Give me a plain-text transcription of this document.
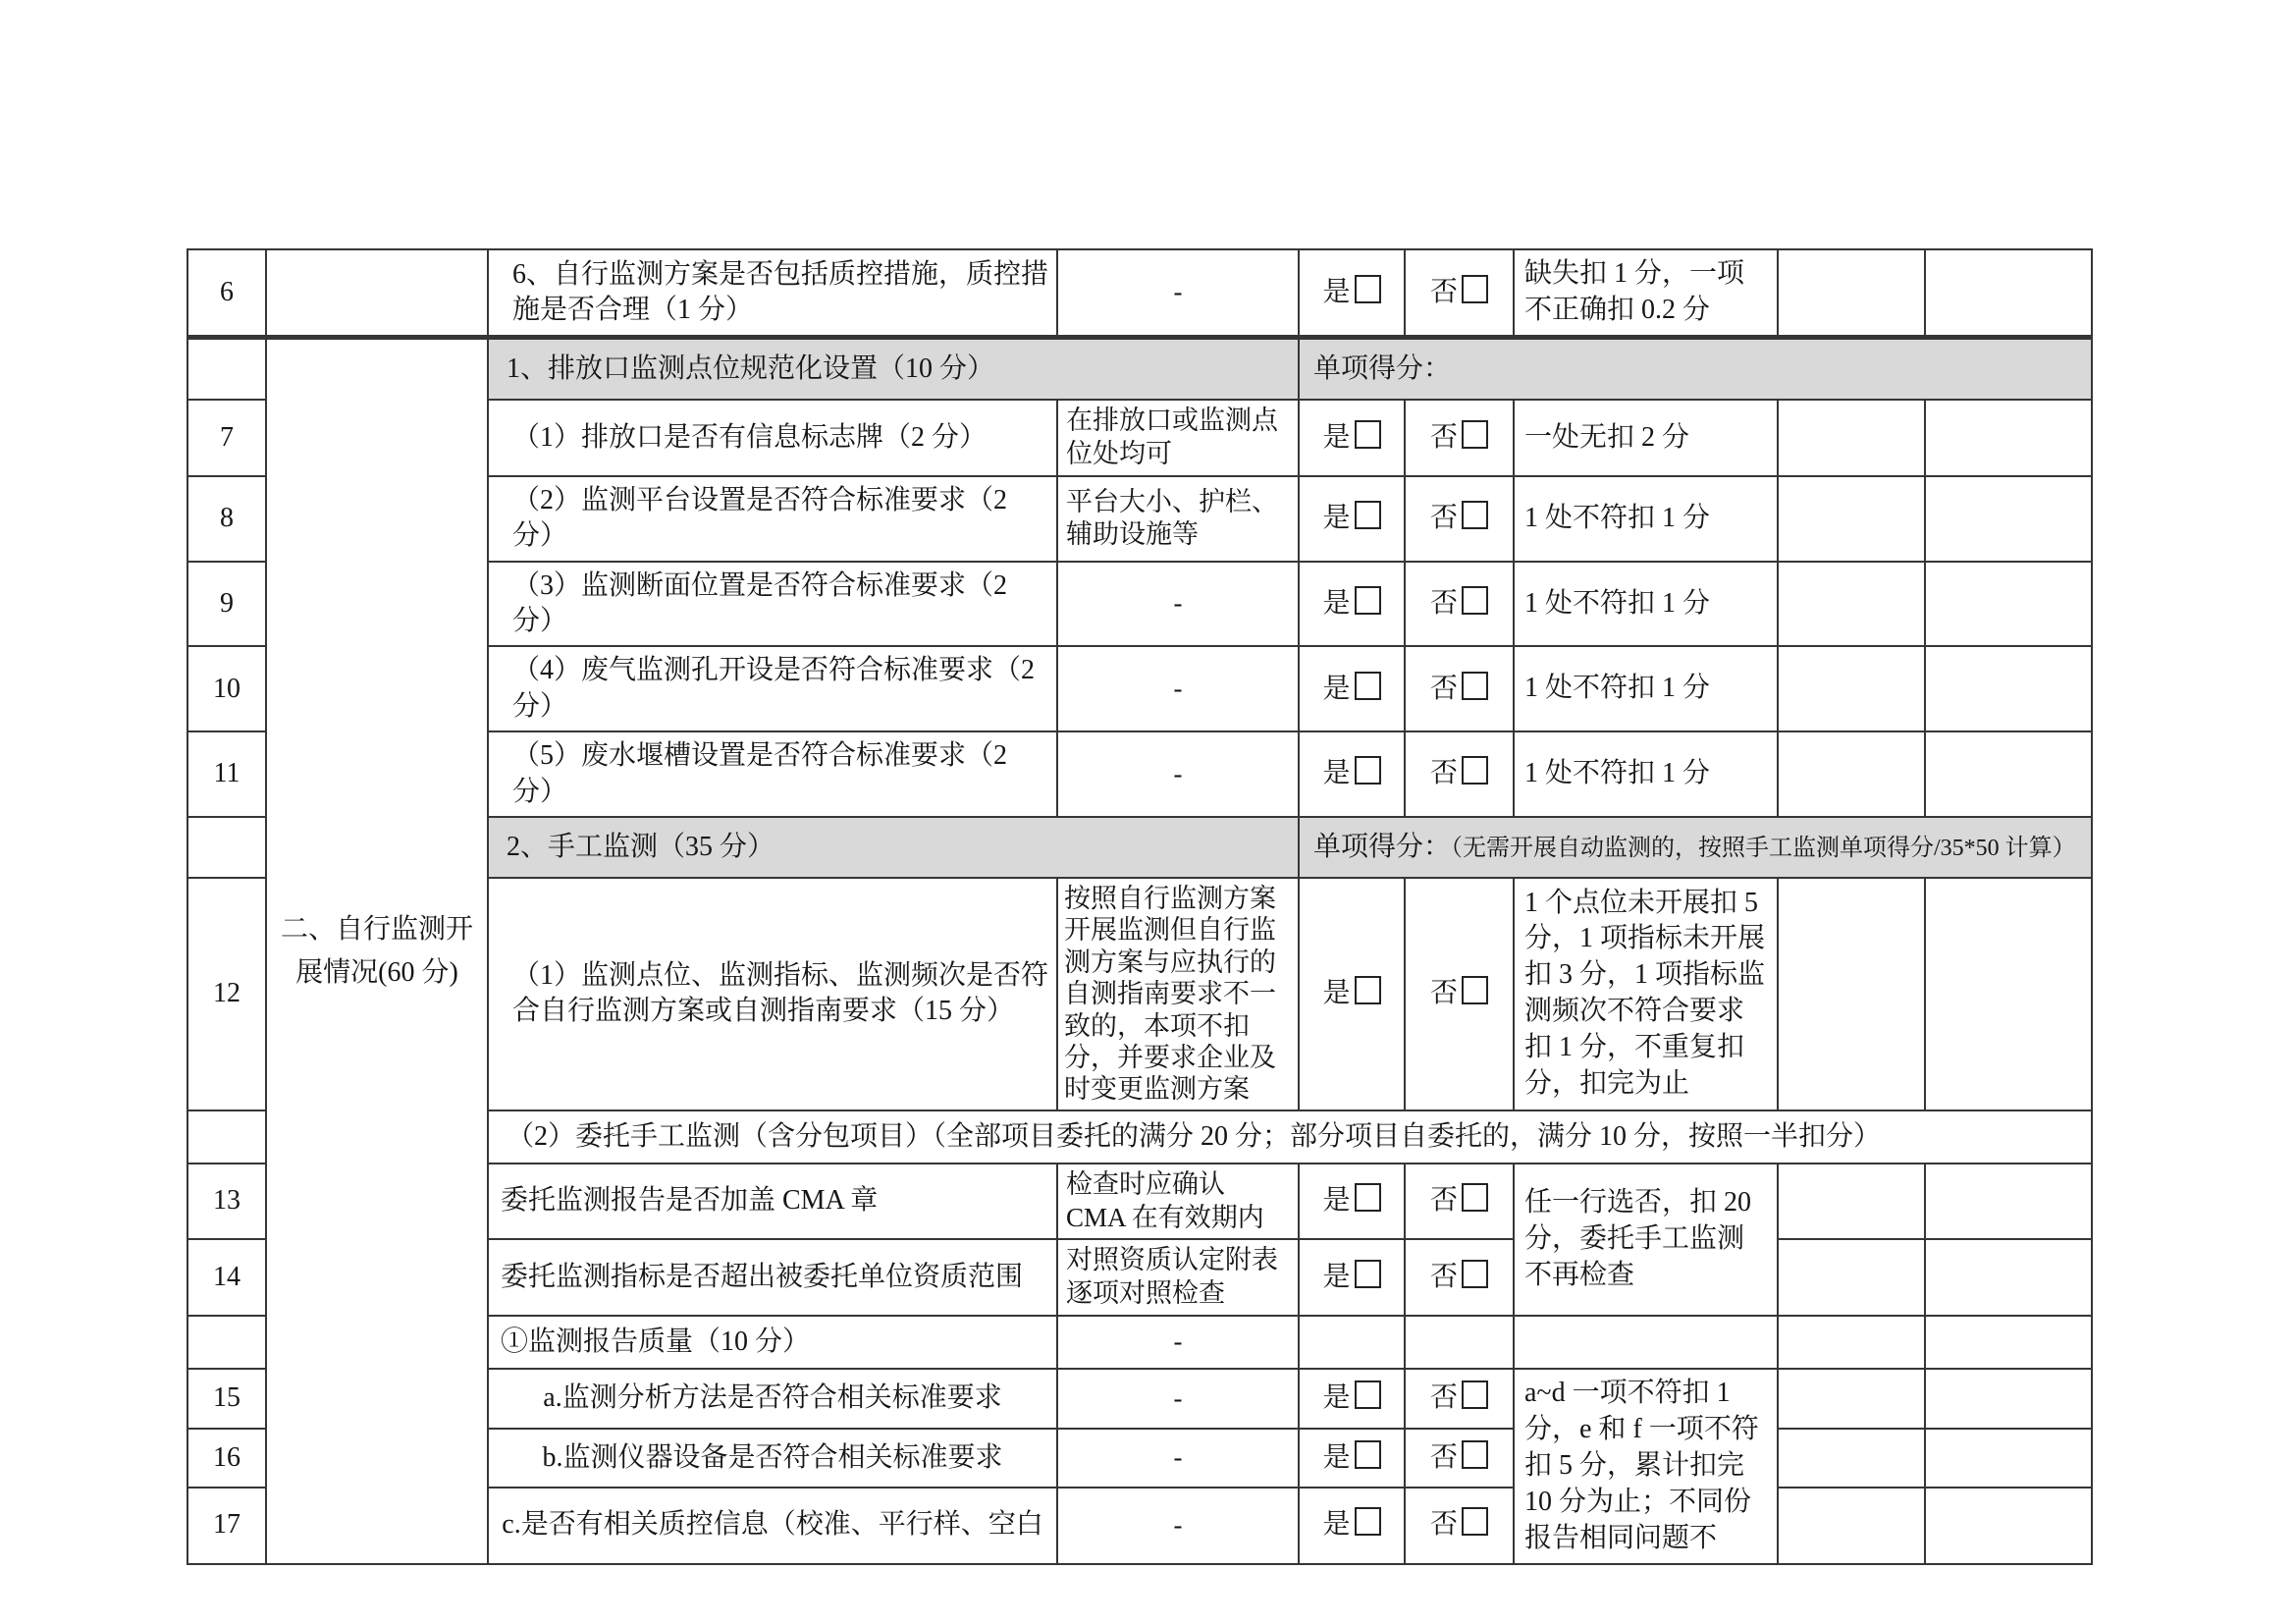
6		6、自行监测方案是否包括质控措施，质控措施是否合理（1 分）	-	是	否	缺失扣 1 分，一项不正确扣 0.2 分		
	二、自行监测开展情况(60 分)	1、排放口监测点位规范化设置（10 分）		单项得分：				
7		（1）排放口是否有信息标志牌（2 分）	在排放口或监测点位处均可	是	否	一处无扣 2 分		
8		（2）监测平台设置是否符合标准要求（2 分）	平台大小、护栏、辅助设施等	是	否	1 处不符扣 1 分		
9		（3）监测断面位置是否符合标准要求（2 分）	-	是	否	1 处不符扣 1 分		
10		（4）废气监测孔开设是否符合标准要求（2 分）	-	是	否	1 处不符扣 1 分		
11		（5）废水堰槽设置是否符合标准要求（2 分）	-	是	否	1 处不符扣 1 分		
		2、手工监测（35 分）		单项得分：（无需开展自动监测的，按照手工监测单项得分/35*50 计算）				
12		（1）监测点位、监测指标、监测频次是否符合自行监测方案或自测指南要求（15 分）	按照自行监测方案开展监测但自行监测方案与应执行的自测指南要求不一致的，本项不扣分，并要求企业及时变更监测方案	是	否	1 个点位未开展扣 5 分，1 项指标未开展扣 3 分，1 项指标监测频次不符合要求扣 1 分，不重复扣分，扣完为止		
		（2）委托手工监测（含分包项目）（全部项目委托的满分 20 分；部分项目自委托的，满分 10 分，按照一半扣分）						
13		委托监测报告是否加盖 CMA 章	检查时应确认 CMA 在有效期内	是	否	任一行选否，扣 20 分，委托手工监测不再检查		
14		委托监测指标是否超出被委托单位资质范围	对照资质认定附表逐项对照检查	是	否			
		①监测报告质量（10 分）	-					
15		a.监测分析方法是否符合相关标准要求	-	是	否	a~d 一项不符扣 1 分，e 和 f 一项不符扣 5 分，累计扣完 10 分为止；不同份报告相同问题不		
16		b.监测仪器设备是否符合相关标准要求	-	是	否			
17		c.是否有相关质控信息（校准、平行样、空白	-	是	否			
